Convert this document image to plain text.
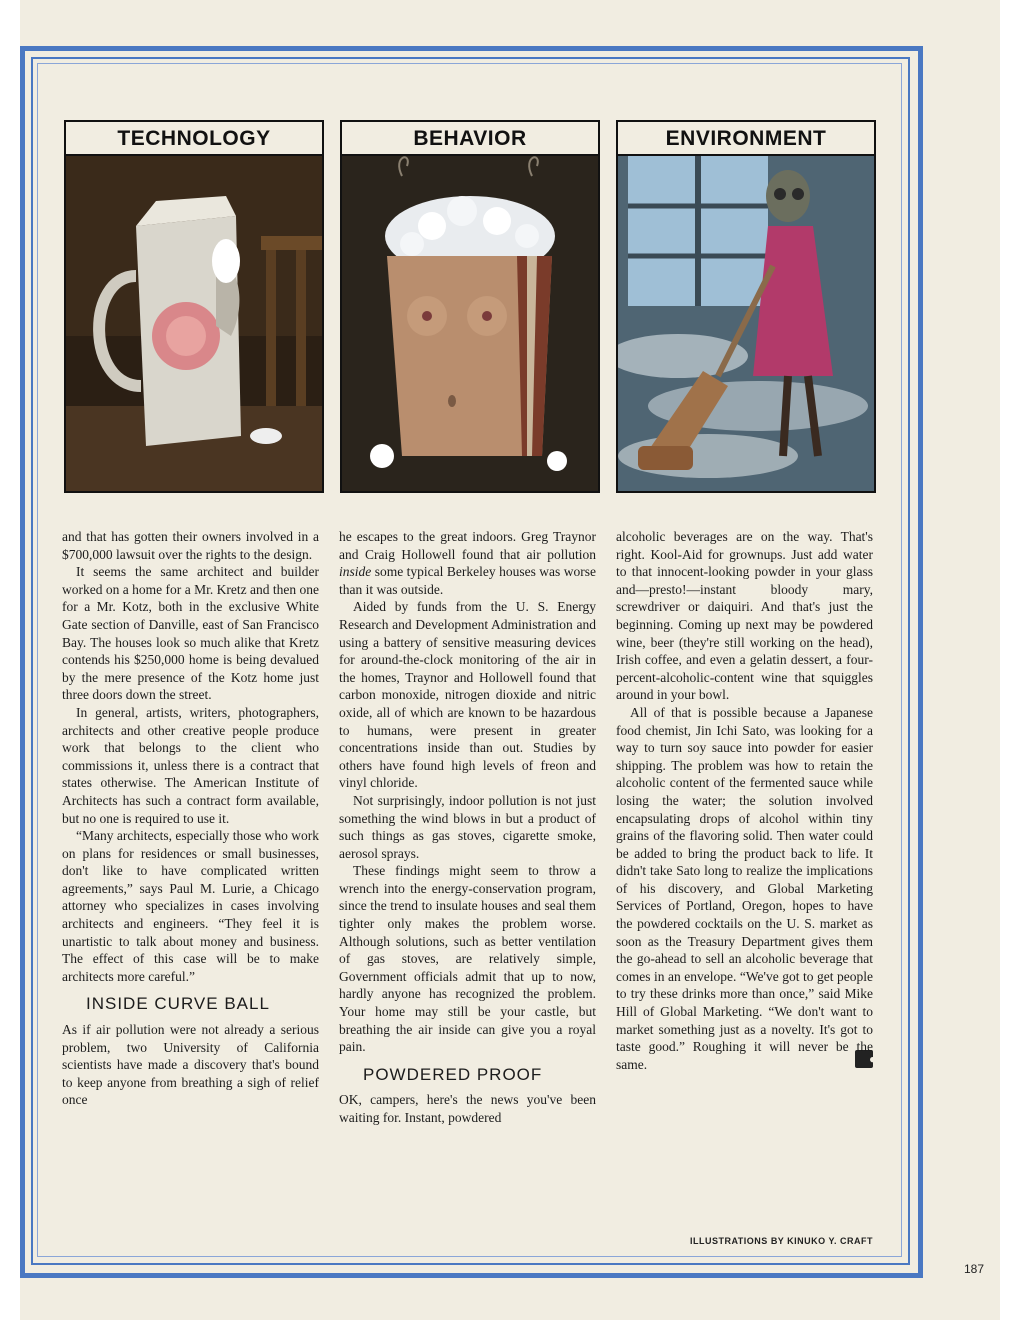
TECHNOLOGY	BEHAVIOR	ENVIRONMENT

and that has gotten their owners involved in a $700,000 lawsuit over the rights to the design.

It seems the same architect and builder worked on a home for a Mr. Kretz and then one for a Mr. Kotz, both in the exclusive White Gate section of Danville, east of San Francisco Bay. The houses look so much alike that Kretz contends his $250,000 home is being devalued by the mere presence of the Kotz home just three doors down the street.

In general, artists, writers, photographers, architects and other creative people produce work that belongs to the client who commissions it, unless there is a contract that states otherwise. The American Institute of Architects has such a contract form available, but no one is required to use it.

“Many architects, especially those who work on plans for residences or small businesses, don't like to have complicated written agreements,” says Paul M. Lurie, a Chicago attorney who specializes in cases involving architects and engineers. “They feel it is unartistic to talk about money and business. The effect of this case will be to make architects more careful.”

INSIDE CURVE BALL

As if air pollution were not already a serious problem, two University of California scientists have made a discovery that's bound to keep anyone from breathing a sigh of relief once

he escapes to the great indoors. Greg Traynor and Craig Hollowell found that air pollution inside some typical Berkeley houses was worse than it was outside.

Aided by funds from the U. S. Energy Research and Development Administration and using a battery of sensitive measuring devices for around-the-clock monitoring of the air in the homes, Traynor and Hollowell found that carbon monoxide, nitrogen dioxide and nitric oxide, all of which are known to be hazardous to humans, were present in greater concentrations inside than out. Studies by others have found high levels of freon and vinyl chloride.

Not surprisingly, indoor pollution is not just something the wind blows in but a product of such things as gas stoves, cigarette smoke, aerosol sprays.

These findings might seem to throw a wrench into the energy-conservation program, since the trend to insulate houses and seal them tighter only makes the problem worse. Although solutions, such as better ventilation of gas stoves, are relatively simple, Government officials admit that up to now, hardly anyone has recognized the problem. Your home may still be your castle, but breathing the air inside can give you a royal pain.

POWDERED PROOF

OK, campers, here's the news you've been waiting for. Instant, powdered

alcoholic beverages are on the way. That's right. Kool-Aid for grownups. Just add water to that innocent-looking powder in your glass and—presto!—instant bloody mary, screwdriver or daiquiri. And that's just the beginning. Coming up next may be powdered wine, beer (they're still working on the head), Irish coffee, and even a gelatin dessert, a four-percent-alcoholic-content wine that squiggles around in your bowl.

All of that is possible because a Japanese food chemist, Jin Ichi Sato, was looking for a way to turn soy sauce into powder for easier shipping. The problem was how to retain the alcoholic content of the fermented sauce while losing the water; the solution involved encapsulating drops of alcohol within tiny grains of the flavoring solid. Then water could be added to bring the product back to life. It didn't take Sato long to realize the implications of his discovery, and Global Marketing Services of Portland, Oregon, hopes to have the powdered cocktails on the U. S. market as soon as the Treasury Department gives them the go-ahead to sell an alcoholic beverage that comes in an envelope. “We've got to get people to try these drinks more than once,” said Mike Hill of Global Marketing. “We don't want to market something just as a novelty. It's got to taste good.” Roughing it will never be the same.	●

ILLUSTRATIONS BY KINUKO Y. CRAFT
187
